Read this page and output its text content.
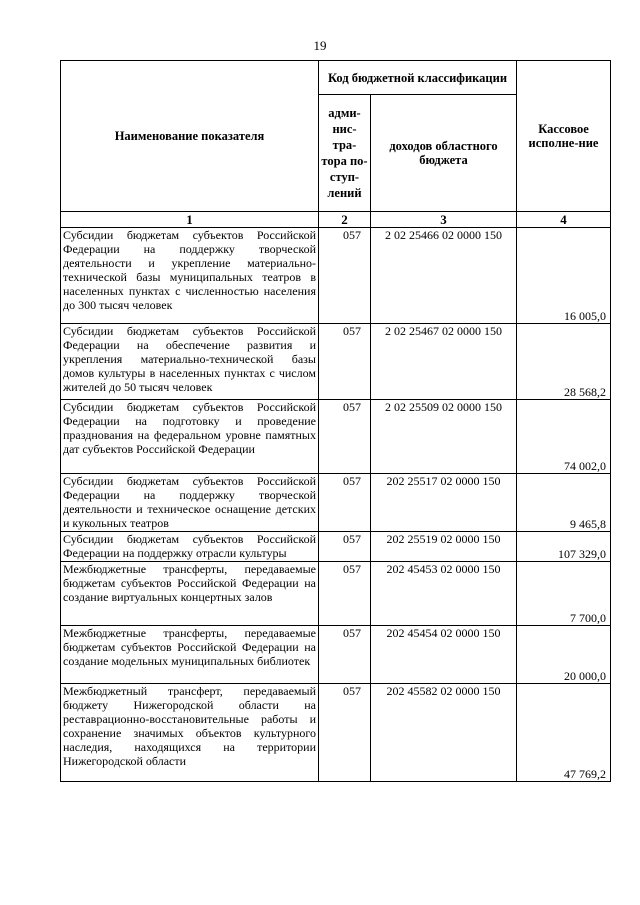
19
Наименование показателя	Код бюджетной классификации		Кассовое исполне-ние
	адми-нис-тра-тора по-ступ-лений	доходов областного бюджета	
1	2	3	4
Субсидии бюджетам субъектов Российской Федерации на поддержку творческой деятельности и укрепление материально-технической базы муниципальных театров в населенных пунктах с численностью населения до 300 тысяч человек	057	2 02 25466 02 0000 150	16 005,0
Субсидии бюджетам субъектов Российской Федерации на обеспечение развития и укрепления материально-технической базы домов культуры в населенных пунктах с числом жителей до 50 тысяч человек	057	2 02 25467 02 0000 150	28 568,2
Субсидии бюджетам субъектов Российской Федерации на подготовку и проведение празднования на федеральном уровне памятных дат субъектов Российской Федерации	057	2 02 25509 02 0000 150	74 002,0
Субсидии бюджетам субъектов Российской Федерации на поддержку творческой деятельности и техническое оснащение детских и кукольных театров	057	202 25517 02 0000 150	9 465,8
Субсидии бюджетам субъектов Российской Федерации на поддержку отрасли культуры	057	202 25519 02 0000 150	107 329,0
Межбюджетные трансферты, передаваемые бюджетам субъектов Российской Федерации на создание виртуальных концертных залов	057	202 45453 02 0000 150	7 700,0
Межбюджетные трансферты, передаваемые бюджетам субъектов Российской Федерации на создание модельных муниципальных библиотек	057	202 45454 02 0000 150	20 000,0
Межбюджетный трансферт, передаваемый бюджету Нижегородской области на реставрационно-восстановительные работы и сохранение значимых объектов культурного наследия, находящихся на территории Нижегородской области	057	202 45582 02 0000 150	47 769,2
